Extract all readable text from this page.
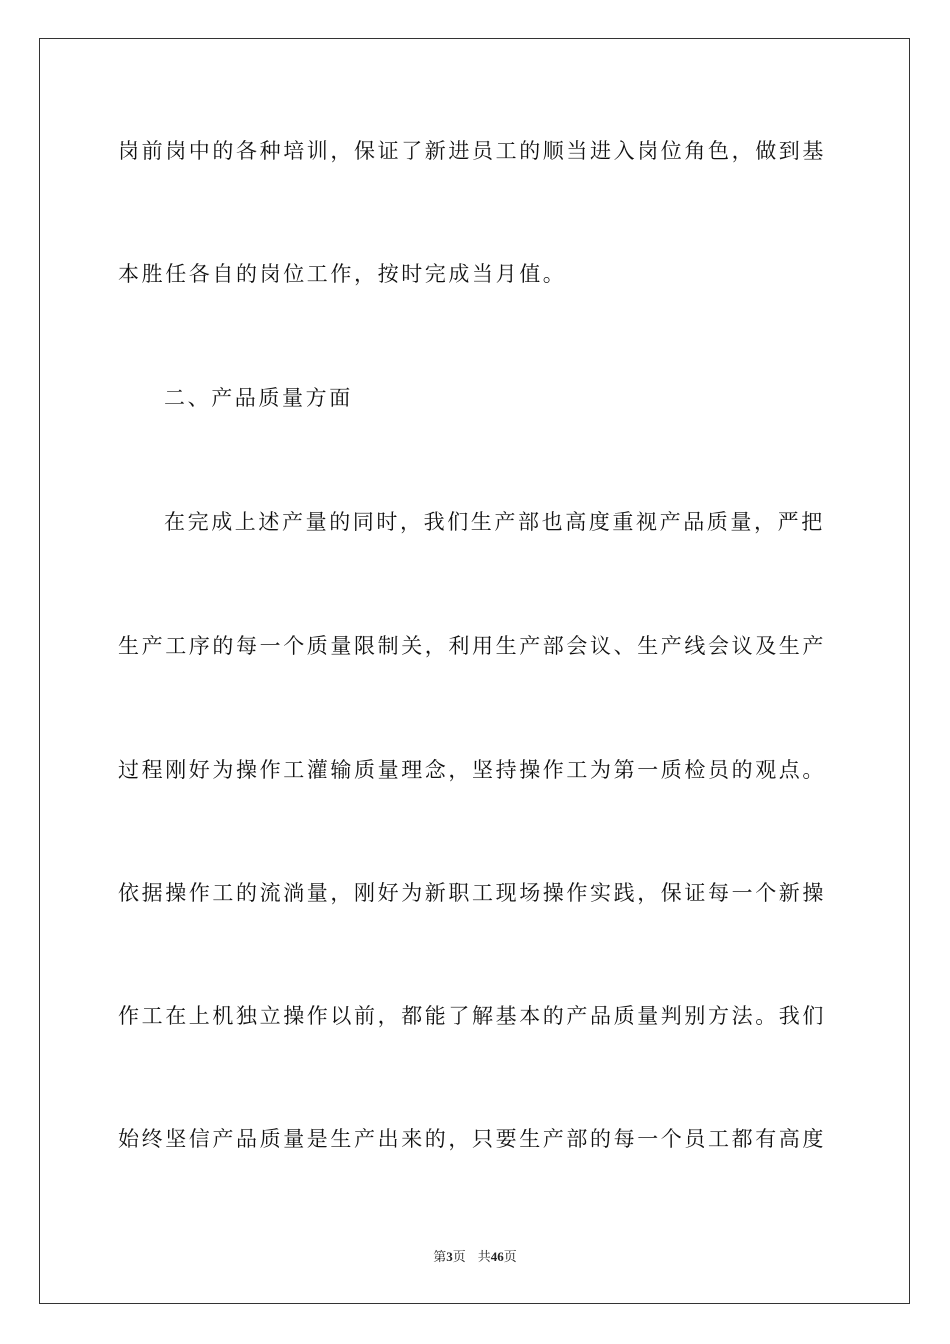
岗前岗中的各种培训，保证了新进员工的顺当进入岗位角色，做到基
本胜任各自的岗位工作，按时完成当月值。
二、产品质量方面
在完成上述产量的同时，我们生产部也高度重视产品质量，严把
生产工序的每一个质量限制关，利用生产部会议、生产线会议及生产
过程刚好为操作工灌输质量理念，坚持操作工为第一质检员的观点。
依据操作工的流淌量，刚好为新职工现场操作实践，保证每一个新操
作工在上机独立操作以前，都能了解基本的产品质量判别方法。我们
始终坚信产品质量是生产出来的，只要生产部的每一个员工都有高度
第3页 共46页
